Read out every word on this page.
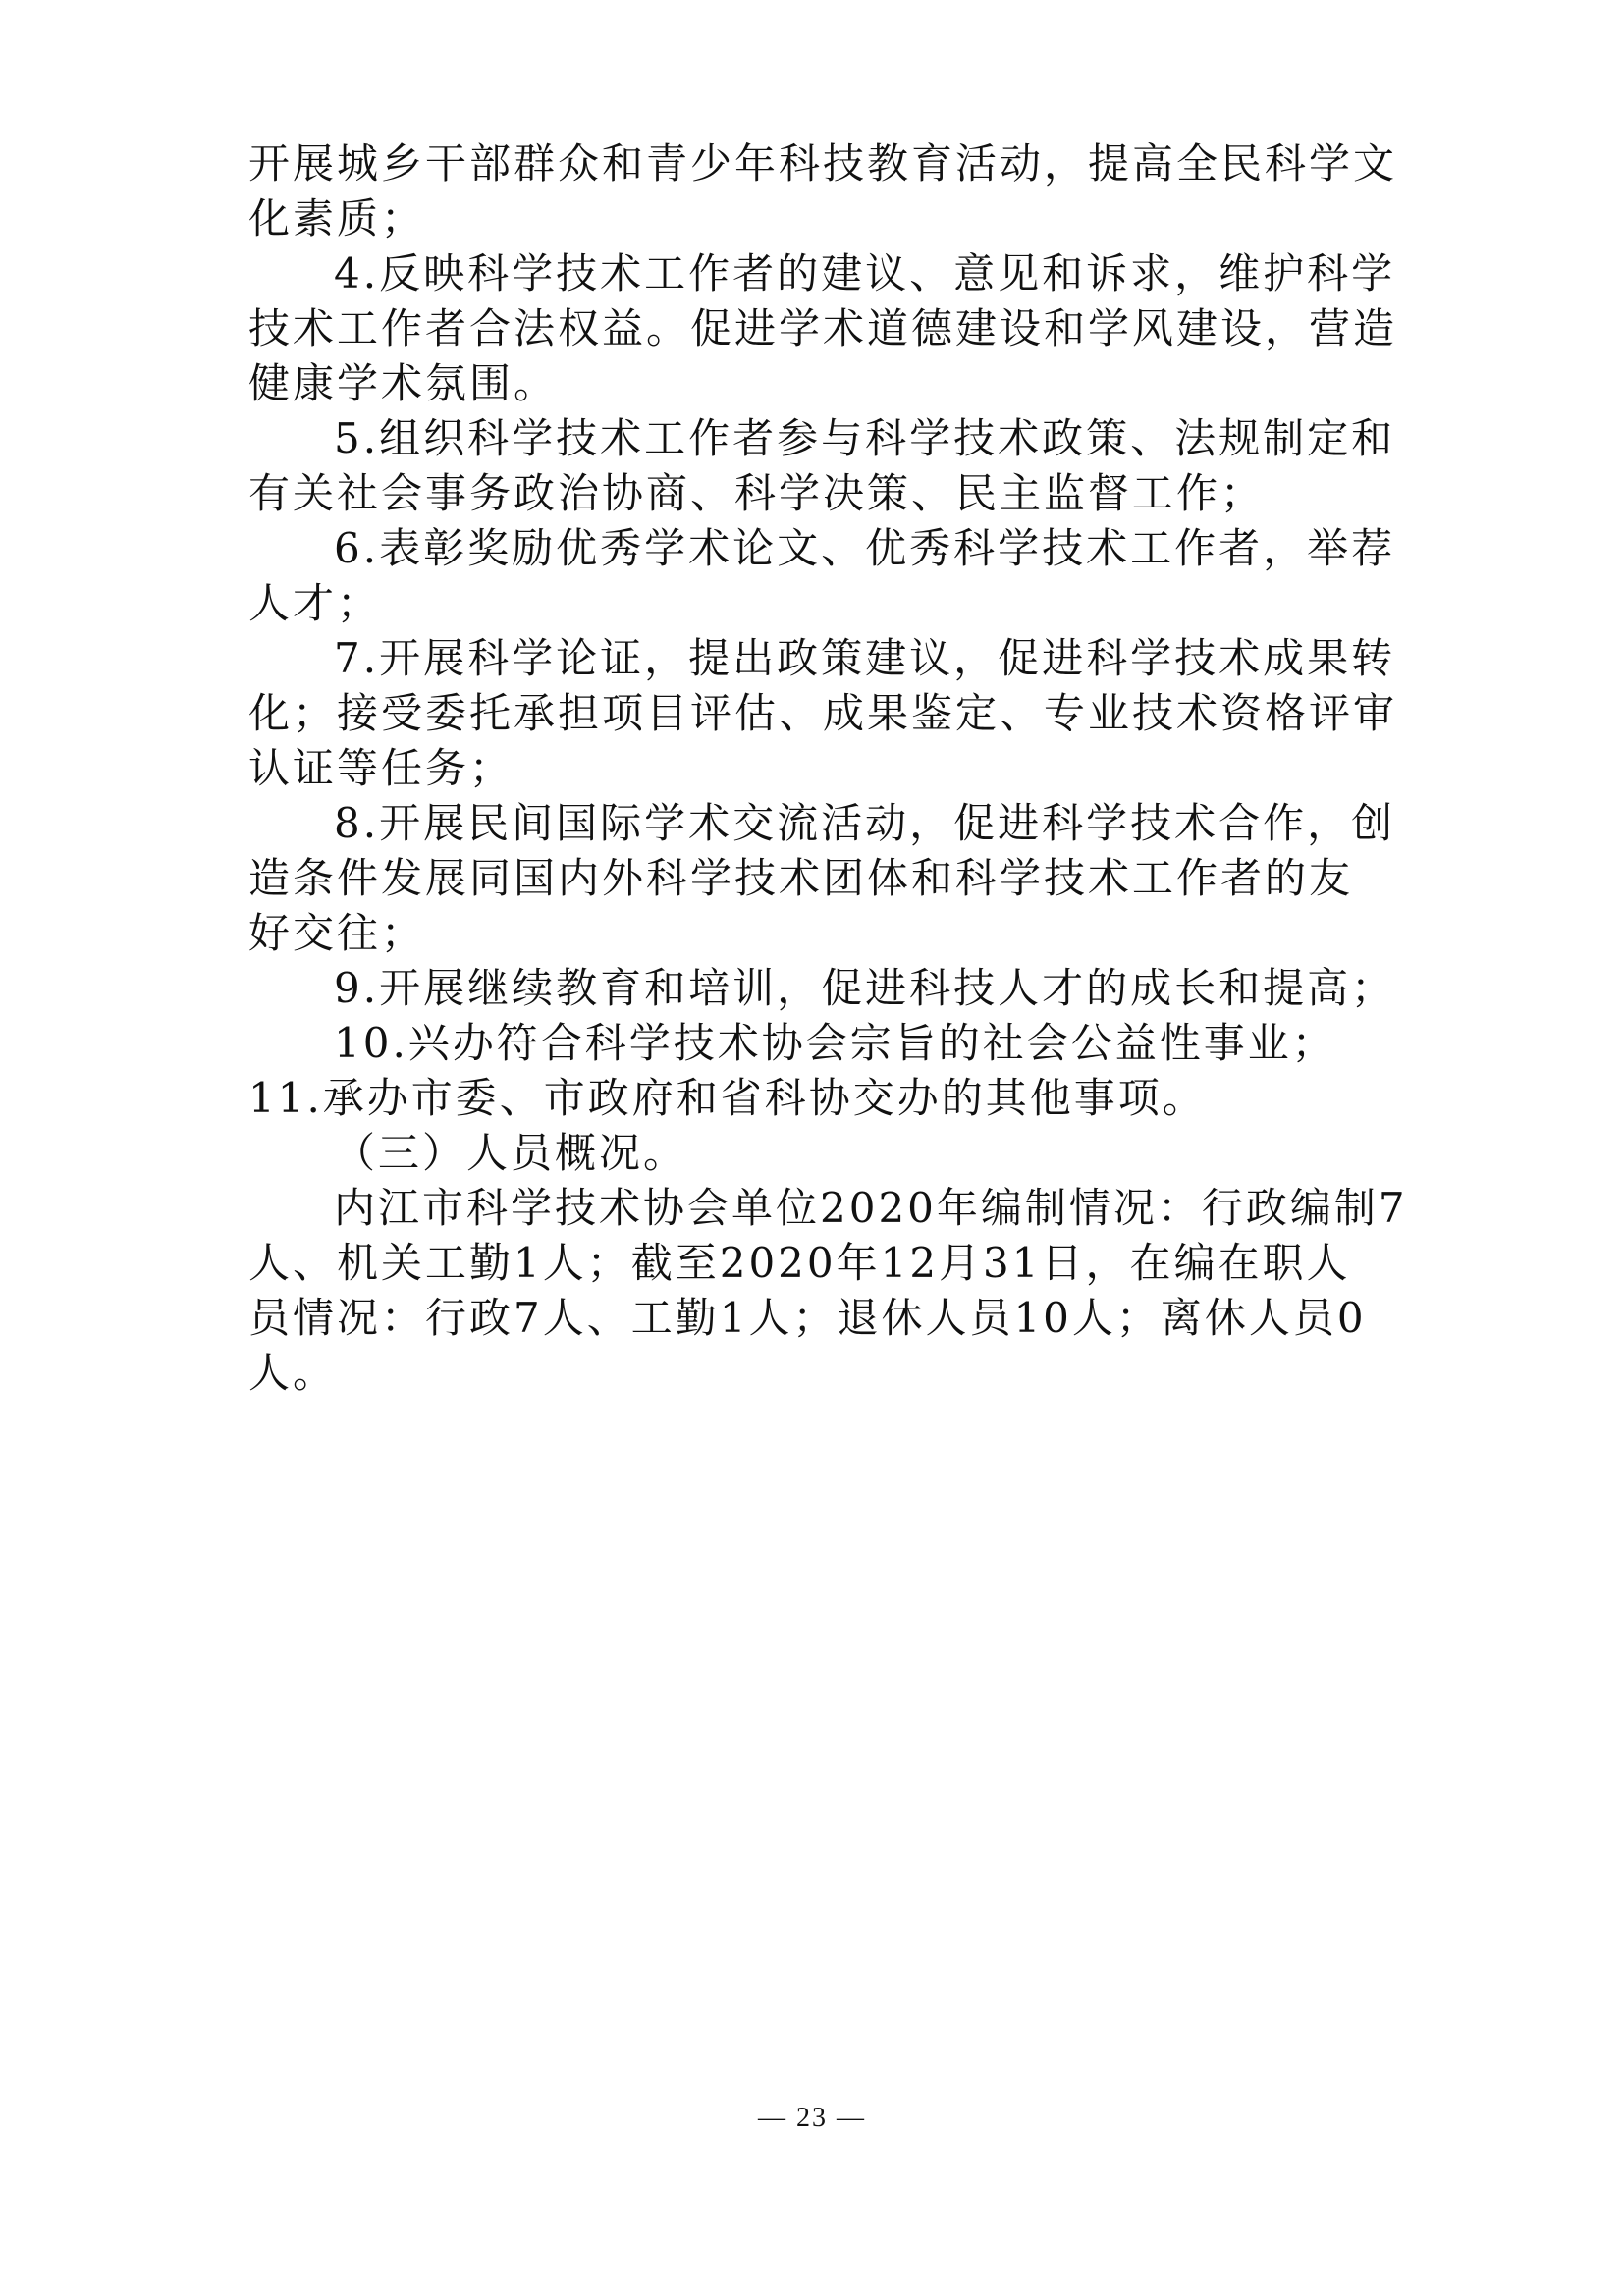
开展城乡干部群众和青少年科技教育活动，提高全民科学文
化素质；
4.反映科学技术工作者的建议、意见和诉求，维护科学
技术工作者合法权益。促进学术道德建设和学风建设，营造
健康学术氛围。
5.组织科学技术工作者参与科学技术政策、法规制定和
有关社会事务政治协商、科学决策、民主监督工作；
6.表彰奖励优秀学术论文、优秀科学技术工作者，举荐
人才；
7.开展科学论证，提出政策建议，促进科学技术成果转
化；接受委托承担项目评估、成果鉴定、专业技术资格评审
认证等任务；
8.开展民间国际学术交流活动，促进科学技术合作，创
造条件发展同国内外科学技术团体和科学技术工作者的友
好交往；
9.开展继续教育和培训，促进科技人才的成长和提高；
10.兴办符合科学技术协会宗旨的社会公益性事业；
11.承办市委、市政府和省科协交办的其他事项。
（三）人员概况。
内江市科学技术协会单位2020年编制情况：行政编制7
人、机关工勤1人；截至2020年12月31日，在编在职人
员情况：行政7人、工勤1人；退休人员10人；离休人员0
人。
— 23 —
